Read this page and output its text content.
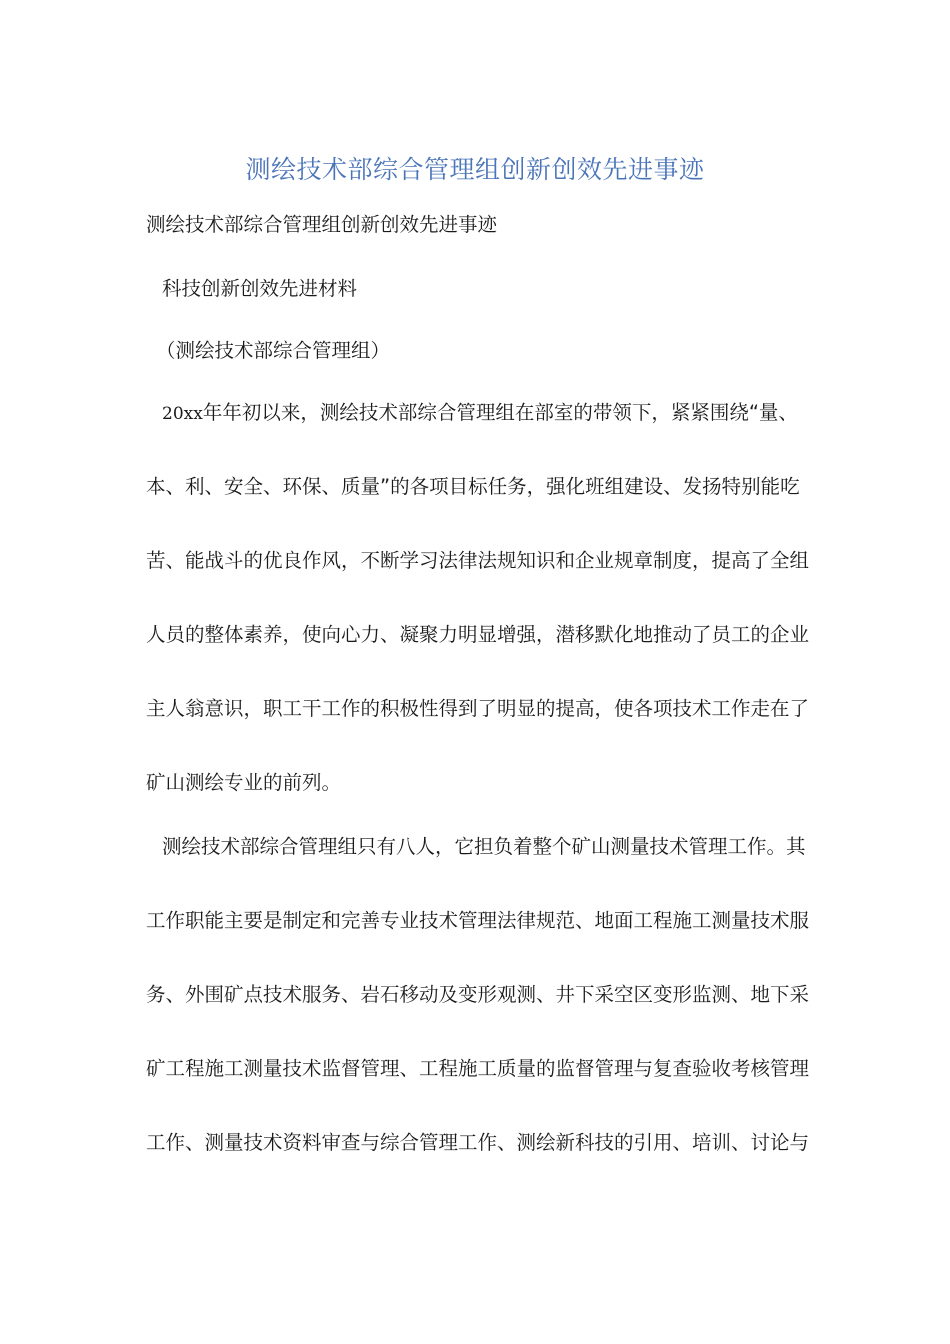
测绘技术部综合管理组创新创效先进事迹
测绘技术部综合管理组创新创效先进事迹
科技创新创效先进材料
（测绘技术部综合管理组）
20xx年年初以来，测绘技术部综合管理组在部室的带领下，紧紧围绕“量、
本、利、安全、环保、质量”的各项目标任务，强化班组建设、发扬特别能吃
苦、能战斗的优良作风，不断学习法律法规知识和企业规章制度，提高了全组
人员的整体素养，使向心力、凝聚力明显增强，潜移默化地推动了员工的企业
主人翁意识，职工干工作的积极性得到了明显的提高，使各项技术工作走在了
矿山测绘专业的前列。
测绘技术部综合管理组只有八人，它担负着整个矿山测量技术管理工作。其
工作职能主要是制定和完善专业技术管理法律规范、地面工程施工测量技术服
务、外围矿点技术服务、岩石移动及变形观测、井下采空区变形监测、地下采
矿工程施工测量技术监督管理、工程施工质量的监督管理与复查验收考核管理
工作、测量技术资料审查与综合管理工作、测绘新科技的引用、培训、讨论与
